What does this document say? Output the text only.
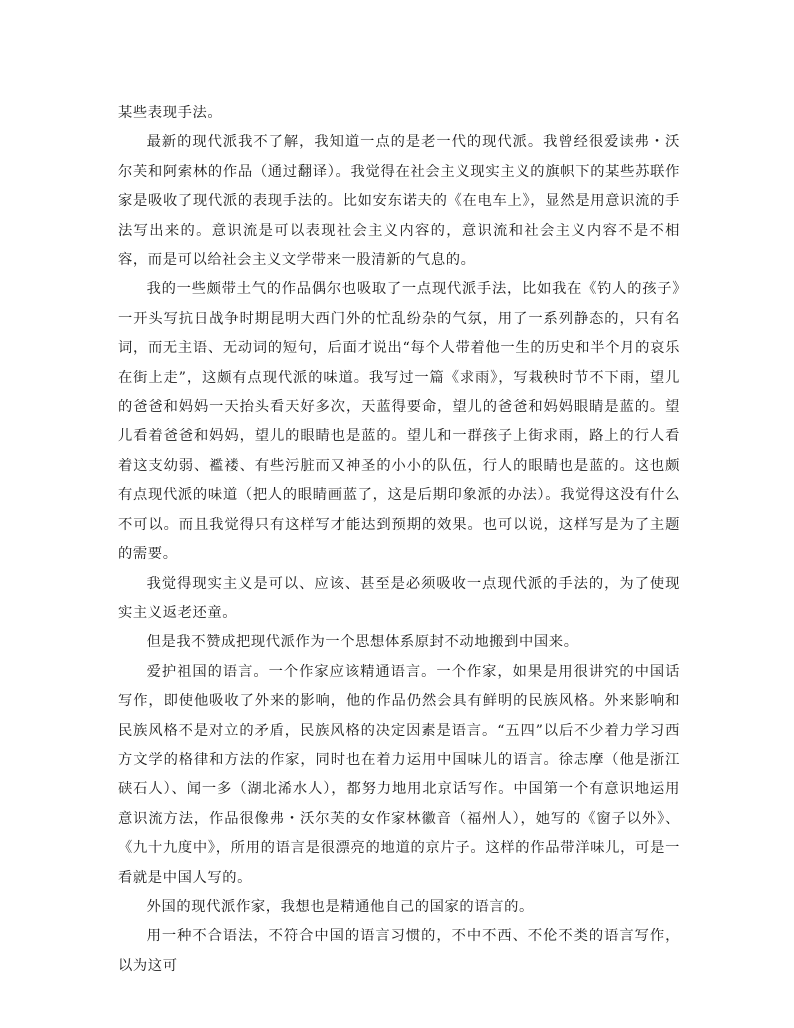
某些表现手法。

最新的现代派我不了解，我知道一点的是老一代的现代派。我曾经很爱读弗・沃尔芙和阿索林的作品（通过翻译）。我觉得在社会主义现实主义的旗帜下的某些苏联作家是吸收了现代派的表现手法的。比如安东诺夫的《在电车上》，显然是用意识流的手法写出来的。意识流是可以表现社会主义内容的，意识流和社会主义内容不是不相容，而是可以给社会主义文学带来一股清新的气息的。

我的一些颇带土气的作品偶尔也吸取了一点现代派手法，比如我在《钓人的孩子》一开头写抗日战争时期昆明大西门外的忙乱纷杂的气氛，用了一系列静态的，只有名词，而无主语、无动词的短句，后面才说出“每个人带着他一生的历史和半个月的哀乐在街上走”，这颇有点现代派的味道。我写过一篇《求雨》，写栽秧时节不下雨，望儿的爸爸和妈妈一天抬头看天好多次，天蓝得要命，望儿的爸爸和妈妈眼睛是蓝的。望儿看着爸爸和妈妈，望儿的眼睛也是蓝的。望儿和一群孩子上街求雨，路上的行人看着这支幼弱、襤褛、有些污脏而又神圣的小小的队伍，行人的眼睛也是蓝的。这也颇有点现代派的味道（把人的眼睛画蓝了，这是后期印象派的办法）。我觉得这没有什么不可以。而且我觉得只有这样写才能达到预期的效果。也可以说，这样写是为了主题的需要。

我觉得现实主义是可以、应该、甚至是必须吸收一点现代派的手法的，为了使现实主义返老还童。

但是我不赞成把现代派作为一个思想体系原封不动地搬到中国来。

爱护祖国的语言。一个作家应该精通语言。一个作家，如果是用很讲究的中国话写作，即使他吸收了外来的影响，他的作品仍然会具有鲜明的民族风格。外来影响和民族风格不是对立的矛盾，民族风格的决定因素是语言。“五四”以后不少着力学习西方文学的格律和方法的作家，同时也在着力运用中国味儿的语言。徐志摩（他是浙江硖石人）、闻一多（湖北浠水人），都努力地用北京话写作。中国第一个有意识地运用意识流方法，作品很像弗・沃尔芙的女作家林徽音（福州人），她写的《窗子以外》、《九十九度中》，所用的语言是很漂亮的地道的京片子。这样的作品带洋味儿，可是一看就是中国人写的。

外国的现代派作家，我想也是精通他自己的国家的语言的。

用一种不合语法，不符合中国的语言习惯的，不中不西、不伦不类的语言写作，以为这可
